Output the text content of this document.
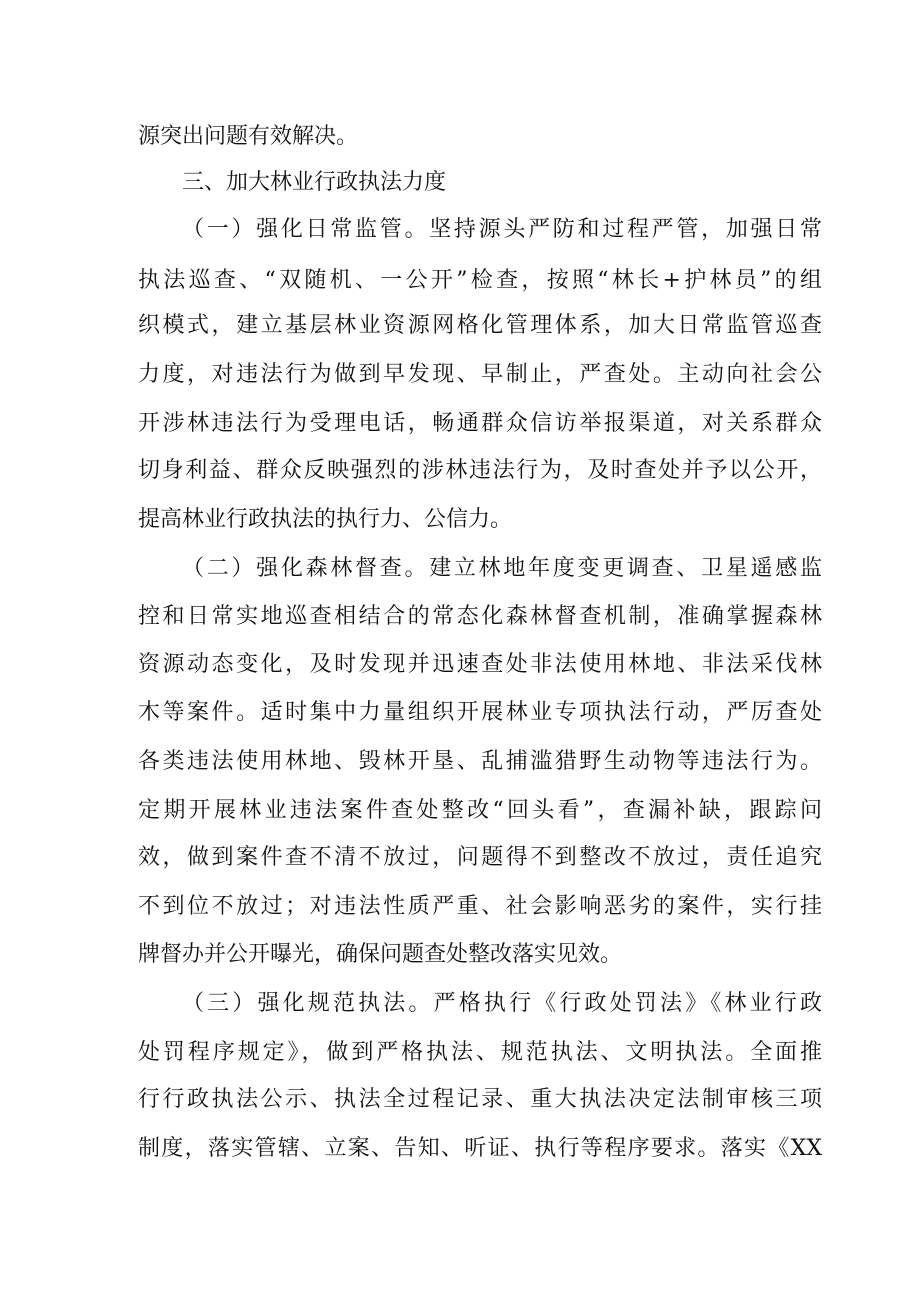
源突出问题有效解决。
三、加大林业行政执法力度
（一）强化日常监管。坚持源头严防和过程严管，加强日常
执法巡查、“双随机、一公开”检查，按照“林长+护林员”的组
织模式，建立基层林业资源网格化管理体系，加大日常监管巡查
力度，对违法行为做到早发现、早制止，严查处。主动向社会公
开涉林违法行为受理电话，畅通群众信访举报渠道，对关系群众
切身利益、群众反映强烈的涉林违法行为，及时查处并予以公开，
提高林业行政执法的执行力、公信力。
（二）强化森林督查。建立林地年度变更调查、卫星遥感监
控和日常实地巡查相结合的常态化森林督查机制，准确掌握森林
资源动态变化，及时发现并迅速查处非法使用林地、非法采伐林
木等案件。适时集中力量组织开展林业专项执法行动，严厉查处
各类违法使用林地、毁林开垦、乱捕滥猎野生动物等违法行为。
定期开展林业违法案件查处整改“回头看”，查漏补缺，跟踪问
效，做到案件查不清不放过，问题得不到整改不放过，责任追究
不到位不放过；对违法性质严重、社会影响恶劣的案件，实行挂
牌督办并公开曝光，确保问题查处整改落实见效。
（三）强化规范执法。严格执行《行政处罚法》《林业行政
处罚程序规定》，做到严格执法、规范执法、文明执法。全面推
行行政执法公示、执法全过程记录、重大执法决定法制审核三项
制度，落实管辖、立案、告知、听证、执行等程序要求。落实《XX
